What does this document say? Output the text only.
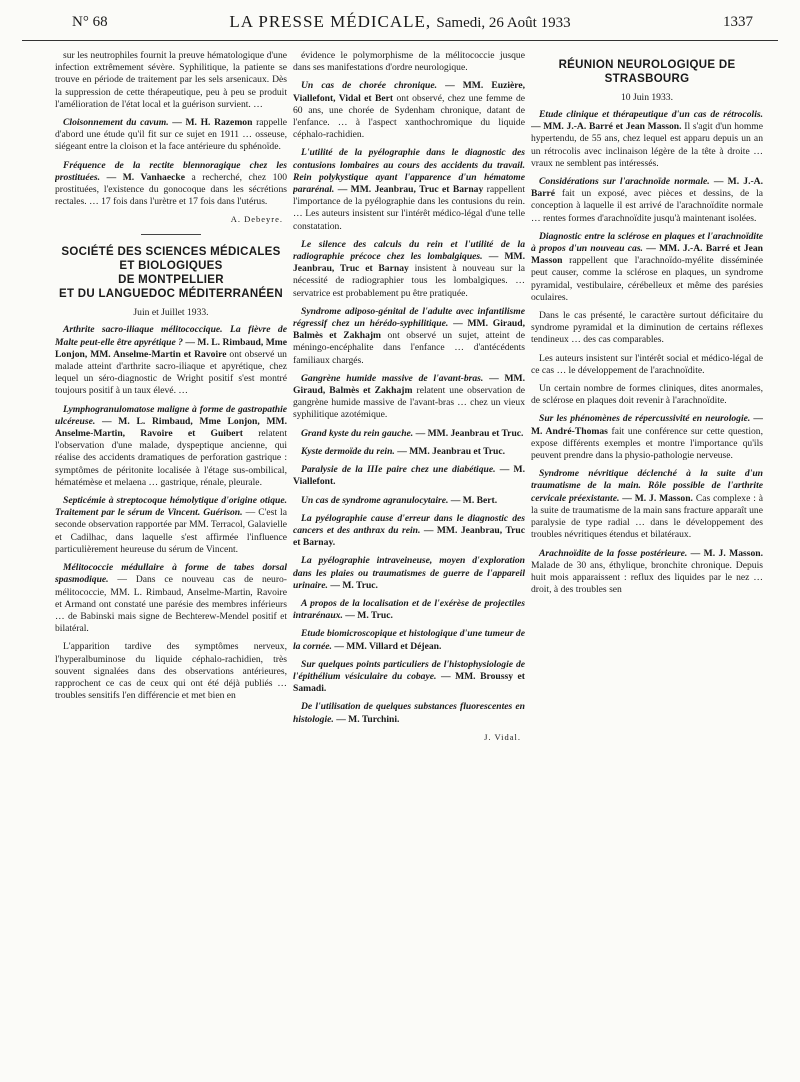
N° 68	LA PRESSE MÉDICALE, Samedi, 26 Août 1933	1337

sur les neutrophiles fournit la preuve hématologique d'une infection extrêmement sévère. Syphilitique, la patiente se trouve en période de traitement par les sels arsenicaux. Dès la suppression de cette thérapeutique, peu à peu se produit l'amélioration de l'état local et la guérison survient. …

Cloisonnement du cavum. — M. H. Razemon rappelle d'abord une étude qu'il fit sur ce sujet en 1911 … osseuse, siégeant entre la cloison et la face antérieure du sphénoïde.

Fréquence de la rectite blennoragique chez les prostituées. — M. Vanhaecke a recherché, chez 100 prostituées, l'existence du gonocoque dans les sécrétions rectales. … 17 fois dans l'urètre et 17 fois dans l'utérus.

A. Debeyre.
SOCIÉTÉ DES SCIENCES MÉDICALES ET BIOLOGIQUES
DE MONTPELLIER
ET DU LANGUEDOC MÉDITERRANÉEN
Juin et Juillet 1933.

Arthrite sacro-iliaque mélitococcique. La fièvre de Malte peut-elle être apyrétique ? — M. L. Rimbaud, Mme Lonjon, MM. Anselme-Martin et Ravoire ont observé un malade atteint d'arthrite sacro-iliaque et apyrétique, chez lequel un séro-diagnostic de Wright positif s'est montré toujours positif à un taux élevé. …

Lymphogranulomatose maligne à forme de gastropathie ulcéreuse. — M. L. Rimbaud, Mme Lonjon, MM. Anselme-Martin, Ravoire et Guibert relatent l'observation d'une malade, dyspeptique ancienne, qui réalise des accidents dramatiques de perforation gastrique : symptômes de péritonite localisée à l'étage sus-ombilical, hématémèse et melaena … gastrique, rénale, pleurale.

Septicémie à streptocoque hémolytique d'origine otique. Traitement par le sérum de Vincent. Guérison. — C'est la seconde observation rapportée par MM. Terracol, Galavielle et Cadilhac, dans laquelle s'est affirmée l'influence particulièrement heureuse du sérum de Vincent.

Mélitococcie médullaire à forme de tabes dorsal spasmodique. — Dans ce nouveau cas de neuro-mélitococcie, MM. L. Rimbaud, Anselme-Martin, Ravoire et Armand ont constaté une parésie des membres inférieurs … de Babinski mais signe de Bechterew-Mendel positif et bilatéral.

L'apparition tardive des symptômes nerveux, l'hyperalbuminose du liquide céphalo-rachidien, très souvent signalées dans des observations antérieures, rapprochent ce cas de ceux qui ont été déjà publiés … troubles sensitifs l'en différencie et met bien en

évidence le polymorphisme de la mélitococcie jusque dans ses manifestations d'ordre neurologique.

Un cas de chorée chronique. — MM. Euzière, Viallefont, Vidal et Bert ont observé, chez une femme de 60 ans, une chorée de Sydenham chronique, datant de l'enfance. … à l'aspect xanthochromique du liquide céphalo-rachidien.

L'utilité de la pyélographie dans le diagnostic des contusions lombaires au cours des accidents du travail. Rein polykystique ayant l'apparence d'un hématome pararénal. — MM. Jeanbrau, Truc et Barnay rappellent l'importance de la pyélographie dans les contusions du rein. … Les auteurs insistent sur l'intérêt médico-légal d'une telle constatation.

Le silence des calculs du rein et l'utilité de la radiographie précoce chez les lombalgiques. — MM. Jeanbrau, Truc et Barnay insistent à nouveau sur la nécessité de radiographier tous les lombalgiques. … servatrice est probablement pu être pratiquée.

Syndrome adiposo-génital de l'adulte avec infantilisme régressif chez un hérédo-syphilitique. — MM. Giraud, Balmès et Zakhajm ont observé un sujet, atteint de méningo-encéphalite dans l'enfance … d'antécédents familiaux chargés.

Gangrène humide massive de l'avant-bras. — MM. Giraud, Balmès et Zakhajm relatent une observation de gangrène humide massive de l'avant-bras … chez un vieux syphilitique azotémique.

Grand kyste du rein gauche. — MM. Jeanbrau et Truc.

Kyste dermoïde du rein. — MM. Jeanbrau et Truc.

Paralysie de la IIIe paire chez une diabétique. — M. Viallefont.

Un cas de syndrome agranulocytaire. — M. Bert.

La pyélographie cause d'erreur dans le diagnostic des cancers et des anthrax du rein. — MM. Jeanbrau, Truc et Barnay.

La pyélographie intraveineuse, moyen d'exploration dans les plaies ou traumatismes de guerre de l'appareil urinaire. — M. Truc.

A propos de la localisation et de l'exérèse de projectiles intrarénaux. — M. Truc.

Etude biomicroscopique et histologique d'une tumeur de la cornée. — MM. Villard et Déjean.

Sur quelques points particuliers de l'histophysiologie de l'épithélium vésiculaire du cobaye. — MM. Broussy et Samadi.

De l'utilisation de quelques substances fluorescentes en histologie. — M. Turchini.

J. Vidal.
RÉUNION NEUROLOGIQUE DE STRASBOURG
10 Juin 1933.

Etude clinique et thérapeutique d'un cas de rétrocolis. — MM. J.-A. Barré et Jean Masson. Il s'agit d'un homme hypertendu, de 55 ans, chez lequel est apparu depuis un an un rétrocolis avec inclinaison légère de la tête à droite … vraux ne semblent pas intéressés.

Considérations sur l'arachnoïde normale. — M. J.-A. Barré fait un exposé, avec pièces et dessins, de la conception à laquelle il est arrivé de l'arachnoïdite normale … rentes formes d'arachnoïdite jusqu'à maintenant isolées.

Diagnostic entre la sclérose en plaques et l'arachnoïdite à propos d'un nouveau cas. — MM. J.-A. Barré et Jean Masson rappellent que l'arachnoïdo-myélite disséminée peut causer, comme la sclérose en plaques, un syndrome pyramidal, vestibulaire, cérébelleux et même des parésies oculaires.

Dans le cas présenté, le caractère surtout déficitaire du syndrome pyramidal et la diminution de certains réflexes tendineux … des cas comparables.

Les auteurs insistent sur l'intérêt social et médico-légal de ce cas … le développement de l'arachnoïdite.

Un certain nombre de formes cliniques, dites anormales, de sclérose en plaques doit revenir à l'arachnoïdite.

Sur les phénomènes de répercussivité en neurologie. — M. André-Thomas fait une conférence sur cette question, expose différents exemples et montre l'importance qu'ils peuvent prendre dans la physio-pathologie nerveuse.

Syndrome névritique déclenché à la suite d'un traumatisme de la main. Rôle possible de l'arthrite cervicale préexistante. — M. J. Masson. Cas complexe : à la suite de traumatisme de la main sans fracture apparaît une paralysie de type radial … dans le développement des troubles névritiques étendus et bilatéraux.

Arachnoïdite de la fosse postérieure. — M. J. Masson. Malade de 30 ans, éthylique, bronchite chronique. Depuis huit mois apparaissent : reflux des liquides par le nez … droit, à des troubles sen
